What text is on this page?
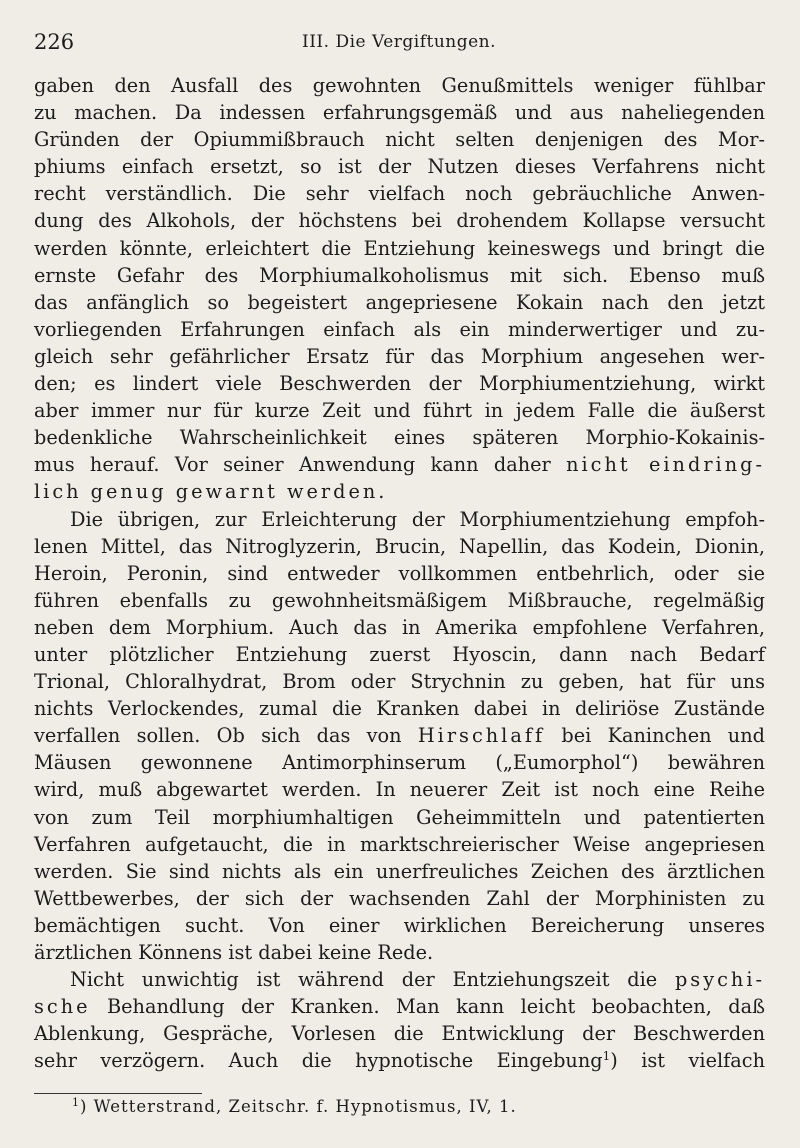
226	III. Die Vergiftungen.
gaben den Ausfall des gewohnten Genußmittels weniger fühlbar
zu machen. Da indessen erfahrungsgemäß und aus naheliegenden
Gründen der Opiummißbrauch nicht selten denjenigen des Mor-
phiums einfach ersetzt, so ist der Nutzen dieses Verfahrens nicht
recht verständlich. Die sehr vielfach noch gebräuchliche Anwen-
dung des Alkohols, der höchstens bei drohendem Kollapse versucht
werden könnte, erleichtert die Entziehung keineswegs und bringt die
ernste Gefahr des Morphiumalkoholismus mit sich. Ebenso muß
das anfänglich so begeistert angepriesene Kokain nach den jetzt
vorliegenden Erfahrungen einfach als ein minderwertiger und zu-
gleich sehr gefährlicher Ersatz für das Morphium angesehen wer-
den; es lindert viele Beschwerden der Morphiumentziehung, wirkt
aber immer nur für kurze Zeit und führt in jedem Falle die äußerst
bedenkliche Wahrscheinlichkeit eines späteren Morphio-Kokainis-
mus herauf. Vor seiner Anwendung kann daher nicht eindring-
lich genug gewarnt werden.
Die übrigen, zur Erleichterung der Morphiumentziehung empfoh-
lenen Mittel, das Nitroglyzerin, Brucin, Napellin, das Kodein, Dionin,
Heroin, Peronin, sind entweder vollkommen entbehrlich, oder sie
führen ebenfalls zu gewohnheitsmäßigem Mißbrauche, regelmäßig
neben dem Morphium. Auch das in Amerika empfohlene Verfahren,
unter plötzlicher Entziehung zuerst Hyoscin, dann nach Bedarf
Trional, Chloralhydrat, Brom oder Strychnin zu geben, hat für uns
nichts Verlockendes, zumal die Kranken dabei in deliriöse Zustände
verfallen sollen. Ob sich das von Hirschlaff bei Kaninchen und
Mäusen gewonnene Antimorphinserum („Eumorphol“) bewähren
wird, muß abgewartet werden. In neuerer Zeit ist noch eine Reihe
von zum Teil morphiumhaltigen Geheimmitteln und patentierten
Verfahren aufgetaucht, die in marktschreierischer Weise angepriesen
werden. Sie sind nichts als ein unerfreuliches Zeichen des ärztlichen
Wettbewerbes, der sich der wachsenden Zahl der Morphinisten zu
bemächtigen sucht. Von einer wirklichen Bereicherung unseres
ärztlichen Könnens ist dabei keine Rede.
Nicht unwichtig ist während der Entziehungszeit die psychi-
sche Behandlung der Kranken. Man kann leicht beobachten, daß
Ablenkung, Gespräche, Vorlesen die Entwicklung der Beschwerden
sehr verzögern. Auch die hypnotische Eingebung$^1$) ist vielfach
$^1$) Wetterstrand, Zeitschr. f. Hypnotismus, IV, 1.
